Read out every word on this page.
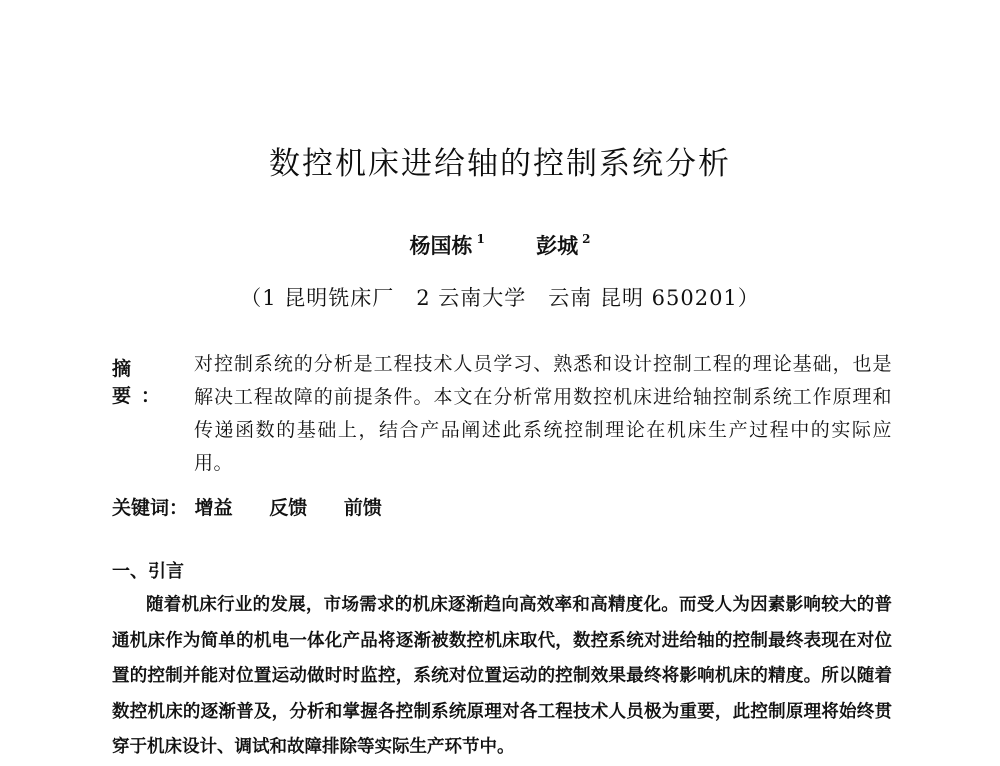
数控机床进给轴的控制系统分析
杨国栋 $^1$ 彭城 $^2$
（1 昆明铣床厂　2 云南大学　云南 昆明 650201）
摘 要：
对控制系统的分析是工程技术人员学习、熟悉和设计控制工程的理论基础，也是解决工程故障的前提条件。本文在分析常用数控机床进给轴控制系统工作原理和传递函数的基础上，结合产品阐述此系统控制理论在机床生产过程中的实际应用。
关键词： 增益 反馈 前馈
一、引言
随着机床行业的发展，市场需求的机床逐渐趋向高效率和高精度化。而受人为因素影响较大的普通机床作为简单的机电一体化产品将逐渐被数控机床取代，数控系统对进给轴的控制最终表现在对位置的控制并能对位置运动做时时监控，系统对位置运动的控制效果最终将影响机床的精度。所以随着数控机床的逐渐普及，分析和掌握各控制系统原理对各工程技术人员极为重要，此控制原理将始终贯穿于机床设计、调试和故障排除等实际生产环节中。
